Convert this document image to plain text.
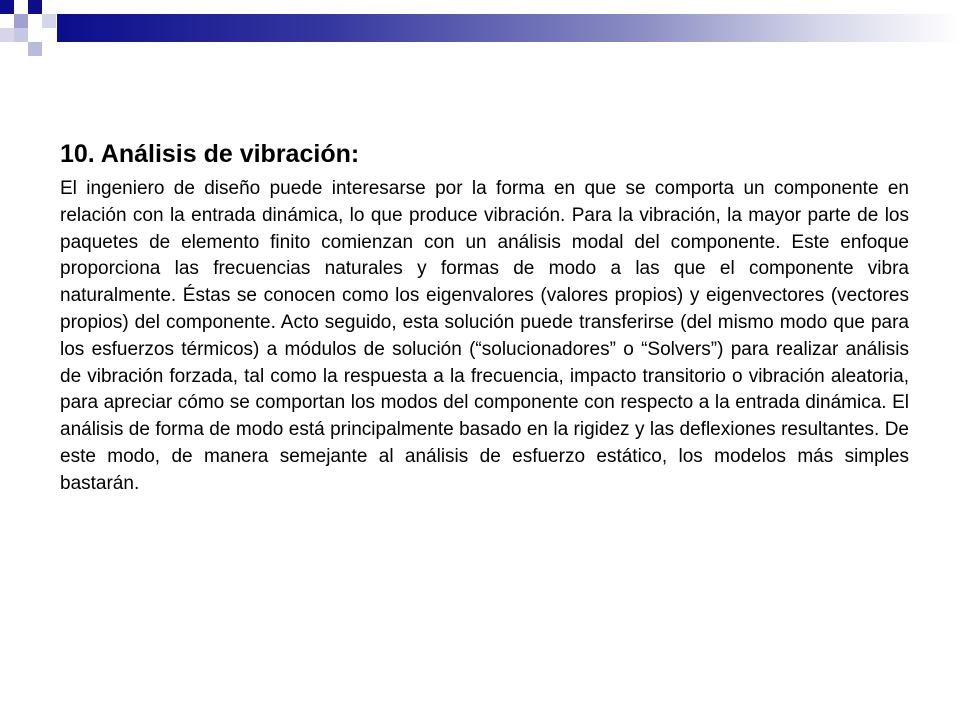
10. Análisis de vibración:

El ingeniero de diseño puede interesarse por la forma en que se comporta un componente en relación con la entrada dinámica, lo que produce vibración. Para la vibración, la mayor parte de los paquetes de elemento finito comienzan con un análisis modal del componente. Este enfoque proporciona las frecuencias naturales y formas de modo a las que el componente vibra naturalmente. Éstas se conocen como los eigenvalores (valores propios) y eigenvectores (vectores propios) del componente. Acto seguido, esta solución puede transferirse (del mismo modo que para los esfuerzos térmicos) a módulos de solución (“solucionadores” o “Solvers”) para realizar análisis de vibración forzada, tal como la respuesta a la frecuencia, impacto transitorio o vibración aleatoria, para apreciar cómo se comportan los modos del componente con respecto a la entrada dinámica. El análisis de forma de modo está principalmente basado en la rigidez y las deflexiones resultantes. De este modo, de manera semejante al análisis de esfuerzo estático, los modelos más simples bastarán.
